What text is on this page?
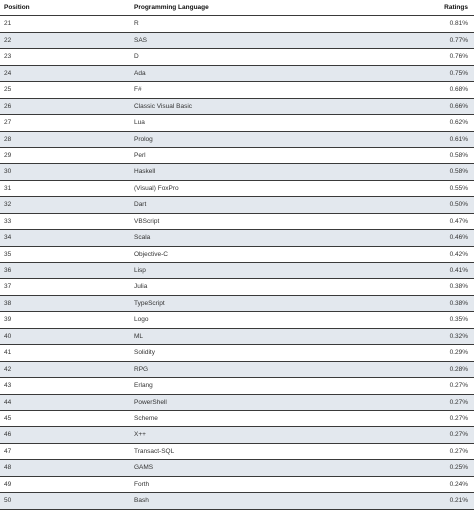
Position	Programming Language	Ratings
21	R	0.81%
22	SAS	0.77%
23	D	0.76%
24	Ada	0.75%
25	F#	0.68%
26	Classic Visual Basic	0.66%
27	Lua	0.62%
28	Prolog	0.61%
29	Perl	0.58%
30	Haskell	0.58%
31	(Visual) FoxPro	0.55%
32	Dart	0.50%
33	VBScript	0.47%
34	Scala	0.46%
35	Objective-C	0.42%
36	Lisp	0.41%
37	Julia	0.38%
38	TypeScript	0.38%
39	Logo	0.35%
40	ML	0.32%
41	Solidity	0.29%
42	RPG	0.28%
43	Erlang	0.27%
44	PowerShell	0.27%
45	Scheme	0.27%
46	X++	0.27%
47	Transact-SQL	0.27%
48	GAMS	0.25%
49	Forth	0.24%
50	Bash	0.21%
